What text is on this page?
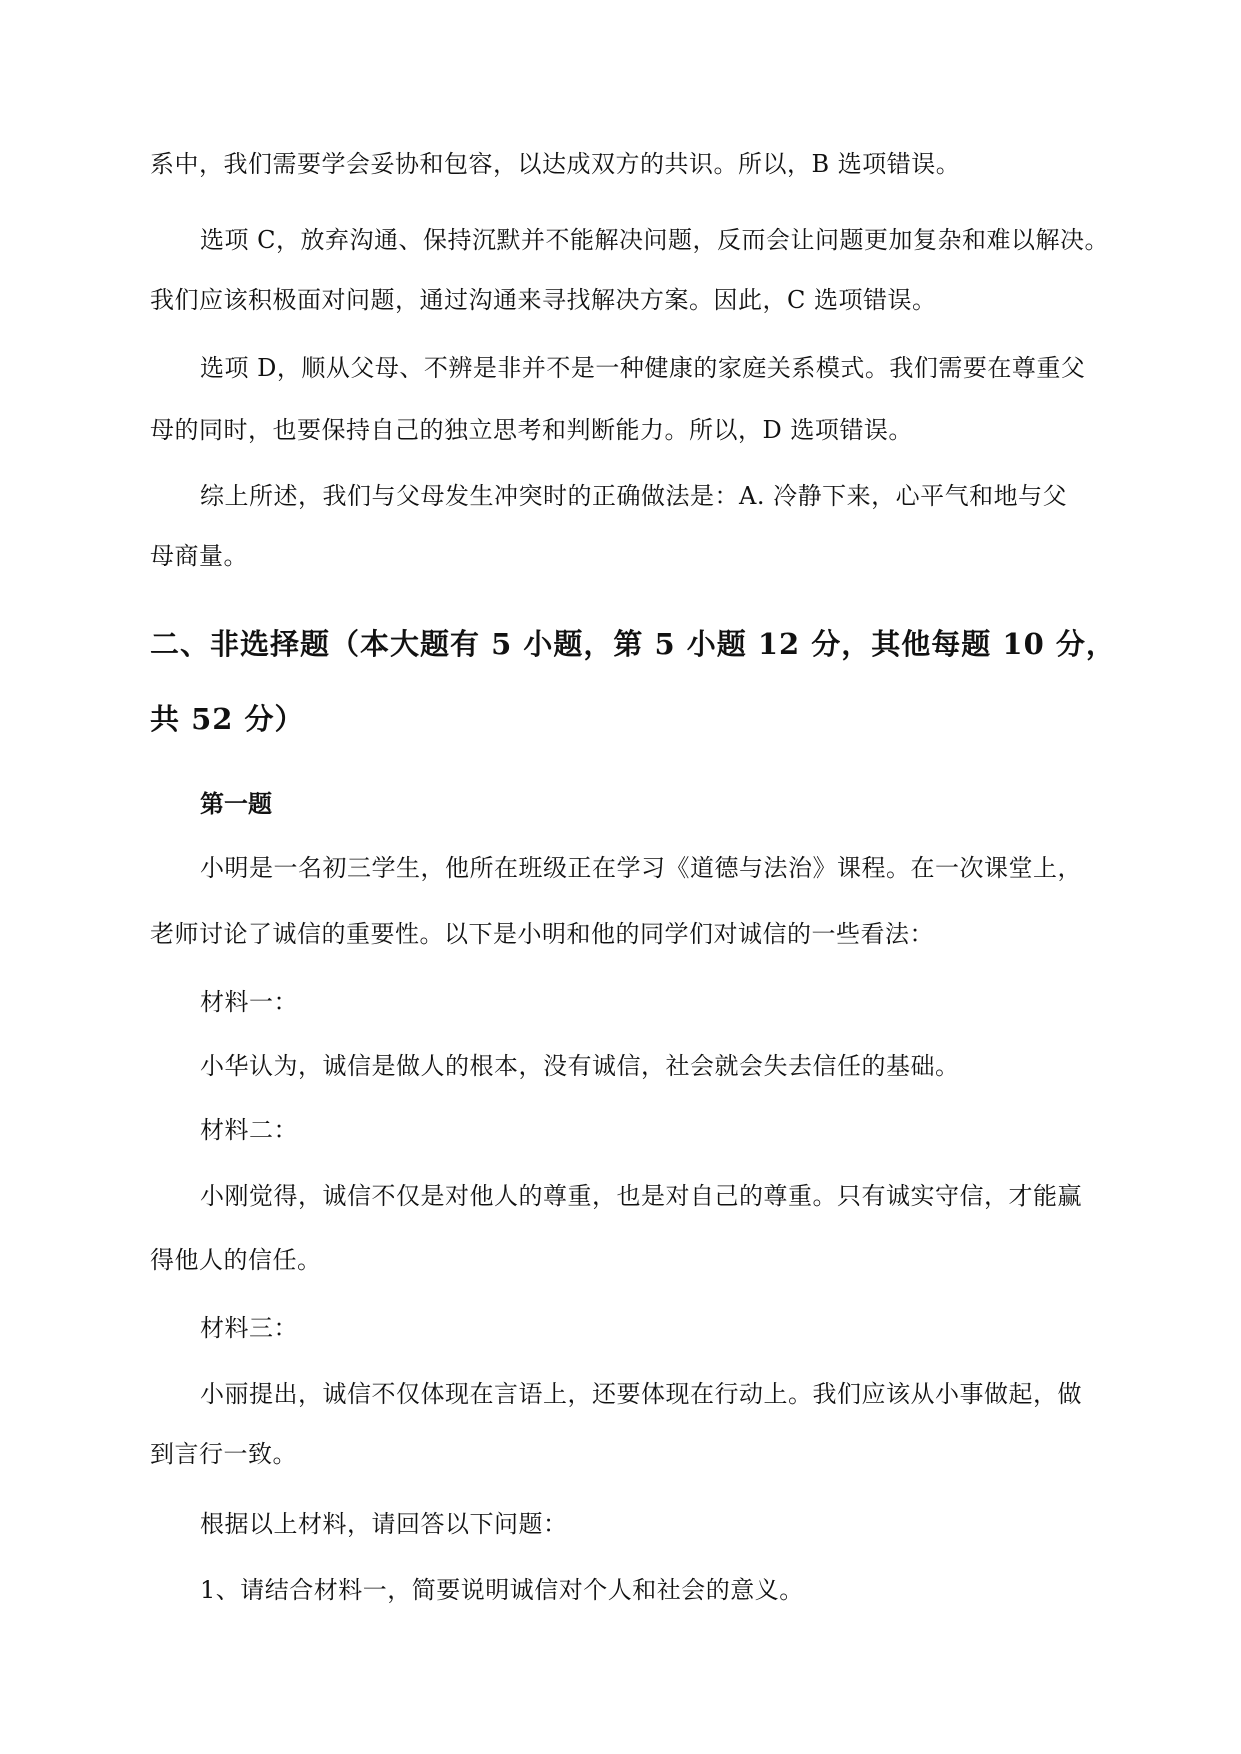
系中，我们需要学会妥协和包容，以达成双方的共识。所以，B 选项错误。
选项 C，放弃沟通、保持沉默并不能解决问题，反而会让问题更加复杂和难以解决。
我们应该积极面对问题，通过沟通来寻找解决方案。因此，C 选项错误。
选项 D，顺从父母、不辨是非并不是一种健康的家庭关系模式。我们需要在尊重父
母的同时，也要保持自己的独立思考和判断能力。所以，D 选项错误。
综上所述，我们与父母发生冲突时的正确做法是：A. 冷静下来，心平气和地与父
母商量。
二、非选择题（本大题有 5 小题，第 5 小题 12 分，其他每题 10 分，
共 52 分）
第一题
小明是一名初三学生，他所在班级正在学习《道德与法治》课程。在一次课堂上，
老师讨论了诚信的重要性。以下是小明和他的同学们对诚信的一些看法：
材料一：
小华认为，诚信是做人的根本，没有诚信，社会就会失去信任的基础。
材料二：
小刚觉得，诚信不仅是对他人的尊重，也是对自己的尊重。只有诚实守信，才能赢
得他人的信任。
材料三：
小丽提出，诚信不仅体现在言语上，还要体现在行动上。我们应该从小事做起，做
到言行一致。
根据以上材料，请回答以下问题：
1、请结合材料一，简要说明诚信对个人和社会的意义。
